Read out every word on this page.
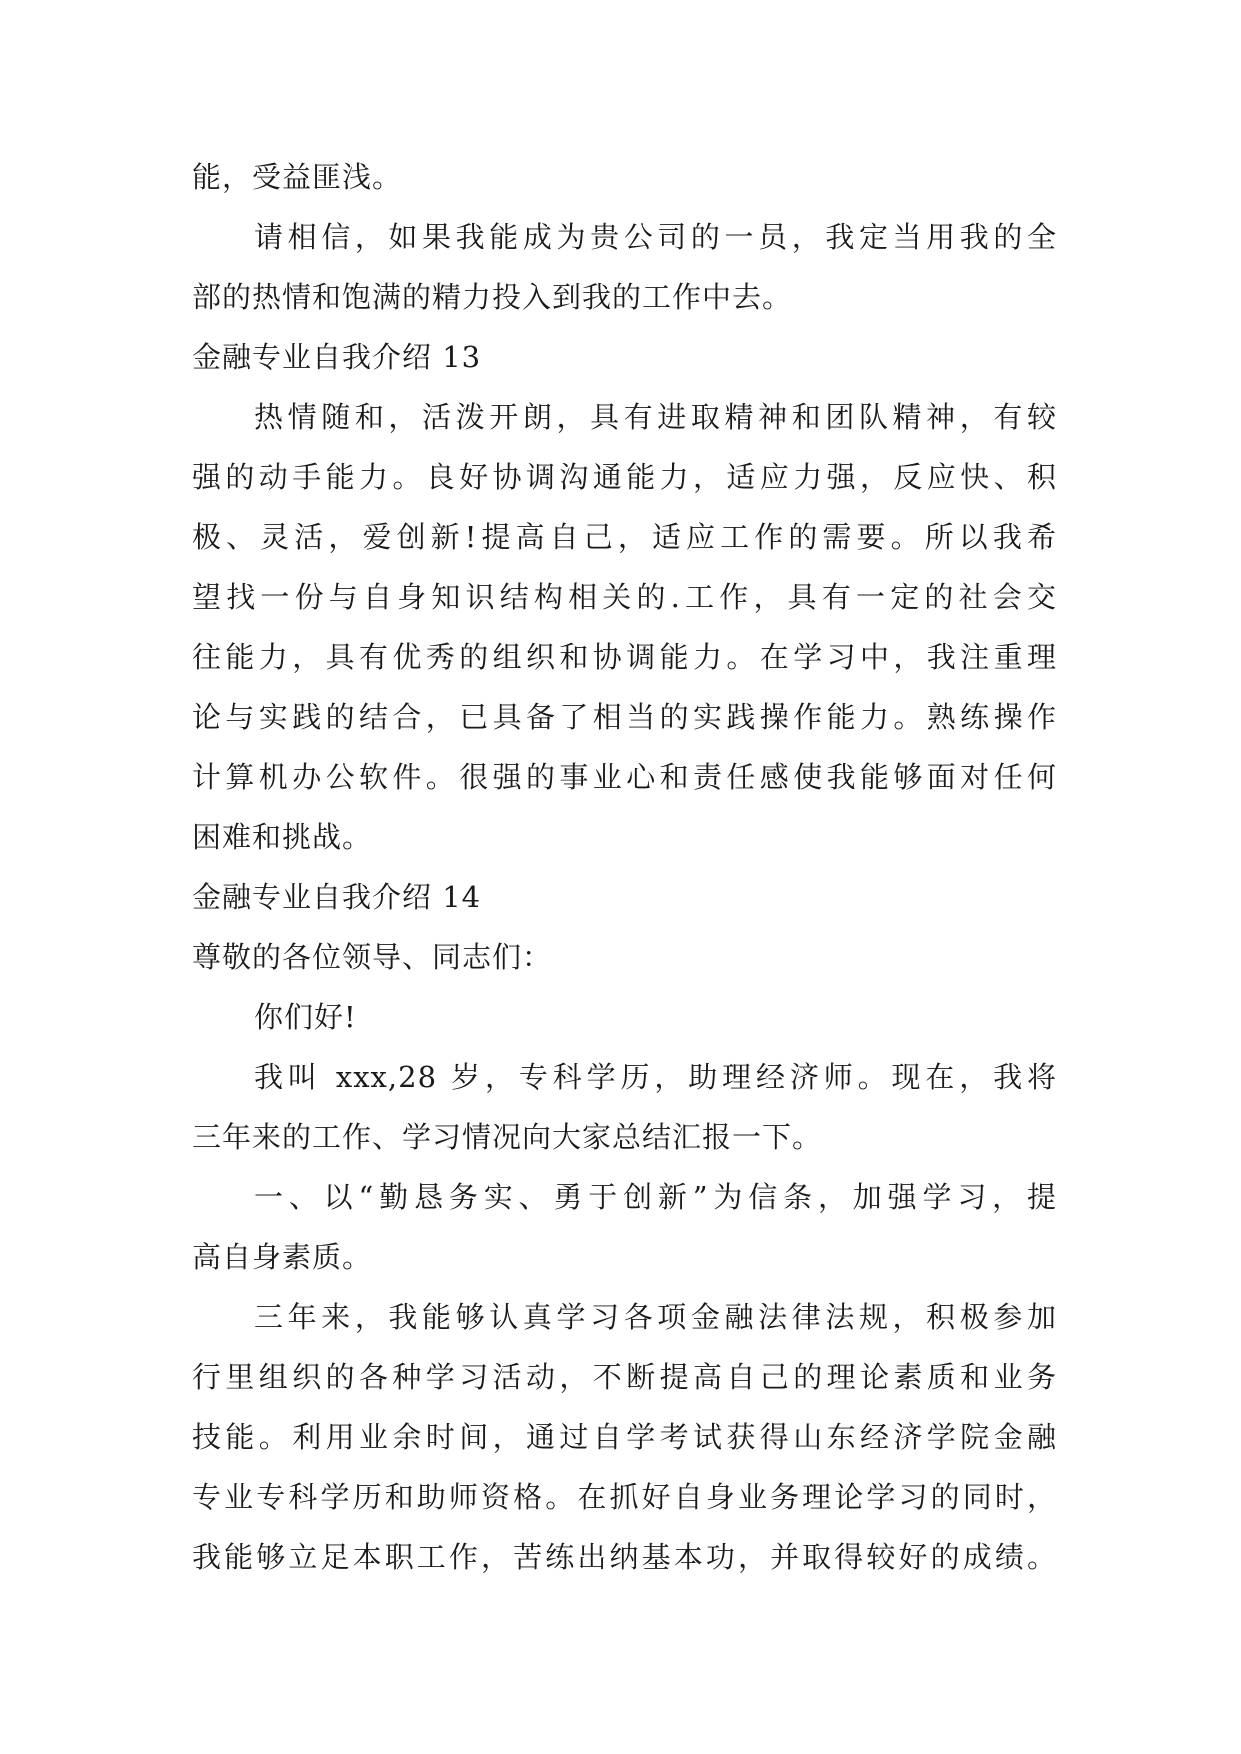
能，受益匪浅。
请相信，如果我能成为贵公司的一员，我定当用我的全
部的热情和饱满的精力投入到我的工作中去。
金融专业自我介绍 13
热情随和，活泼开朗，具有进取精神和团队精神，有较
强的动手能力。良好协调沟通能力，适应力强，反应快、积
极、灵活，爱创新!提高自己，适应工作的需要。所以我希
望找一份与自身知识结构相关的.工作，具有一定的社会交
往能力，具有优秀的组织和协调能力。在学习中，我注重理
论与实践的结合，已具备了相当的实践操作能力。熟练操作
计算机办公软件。很强的事业心和责任感使我能够面对任何
困难和挑战。
金融专业自我介绍 14
尊敬的各位领导、同志们：
你们好!
我叫 xxx,28 岁，专科学历，助理经济师。现在，我将
三年来的工作、学习情况向大家总结汇报一下。
一、以“勤恳务实、勇于创新”为信条，加强学习，提
高自身素质。
三年来，我能够认真学习各项金融法律法规，积极参加
行里组织的各种学习活动，不断提高自己的理论素质和业务
技能。利用业余时间，通过自学考试获得山东经济学院金融
专业专科学历和助师资格。在抓好自身业务理论学习的同时，
我能够立足本职工作，苦练出纳基本功，并取得较好的成绩。
